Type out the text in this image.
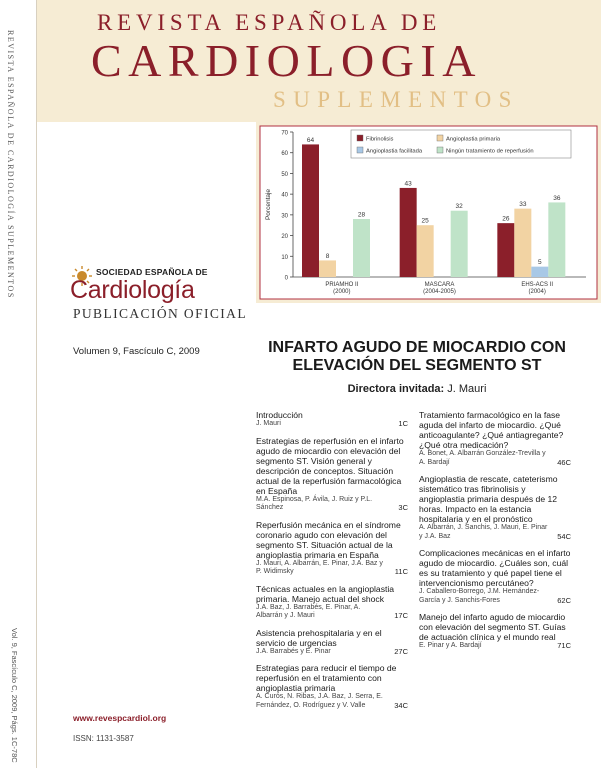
REVISTA ESPAÑOLA DE CARDIOLOGÍA SUPLEMENTOS
Vol. 9, Fascículo C, 2009, Págs. 1C-78C
REVISTA ESPAÑOLA DE
CARDIOLOGIA
SUPLEMENTOS
0
10
20
30
40
50
60
70
Porcentaje
64
8
28
PRIAMHO II
(2000)
43
25
32
MASCARA
(2004-2005)
26
33
5
36
EHS-ACS II
(2004)
Fibrinolisis	Angioplastia primaria
Angioplastia facilitada	Ningún tratamiento de reperfusión
SOCIEDAD ESPAÑOLA DE
Cardiología
PUBLICACIÓN OFICIAL
Volumen 9, Fascículo C, 2009	INFARTO AGUDO DE MIOCARDIO CON
ELEVACIÓN DEL SEGMENTO ST
Directora invitada: J. Mauri
Introducción
J. Mauri	1C
Estrategias de reperfusión en el infarto agudo de miocardio con elevación del segmento ST. Visión general y descripción de conceptos. Situación actual de la reperfusión farmacológica en España
M.A. Espinosa, P. Ávila, J. Ruiz y P.L. Sánchez	3C
Reperfusión mecánica en el síndrome coronario agudo con elevación del segmento ST. Situación actual de la angioplastia primaria en España
J. Mauri, A. Albarrán, E. Pinar, J.A. Baz y P. Widimsky	11C
Técnicas actuales en la angioplastia primaria. Manejo actual del shock
J.A. Baz, J. Barrabés, E. Pinar, A. Albarrán y J. Mauri	17C
Asistencia prehospitalaria y en el servicio de urgencias
J.A. Barrabés y E. Pinar	27C
Estrategias para reducir el tiempo de reperfusión en el tratamiento con angioplastia primaria
A. Curós, N. Ribas, J.A. Baz, J. Serra, E. Fernández, O. Rodríguez y V. Valle	34C
Tratamiento farmacológico en la fase aguda del infarto de miocardio. ¿Qué anticoagulante? ¿Qué antiagregante? ¿Qué otra medicación?
A. Bonet, A. Albarrán González-Trevilla y A. Bardají	46C
Angioplastia de rescate, cateterismo sistemático tras fibrinolisis y angioplastia primaria después de 12 horas. Impacto en la estancia hospitalaria y en el pronóstico
A. Albarrán, J. Sanchis, J. Mauri, E. Pinar y J.A. Baz	54C
Complicaciones mecánicas en el infarto agudo de miocardio. ¿Cuáles son, cuál es su tratamiento y qué papel tiene el intervencionismo percutáneo?
J. Caballero-Borrego, J.M. Hernández-García y J. Sanchis-Fores	62C
Manejo del infarto agudo de miocardio con elevación del segmento ST. Guías de actuación clínica y el mundo real
E. Pinar y A. Bardají	71C
www.revespcardiol.org
ISSN: 1131-3587
